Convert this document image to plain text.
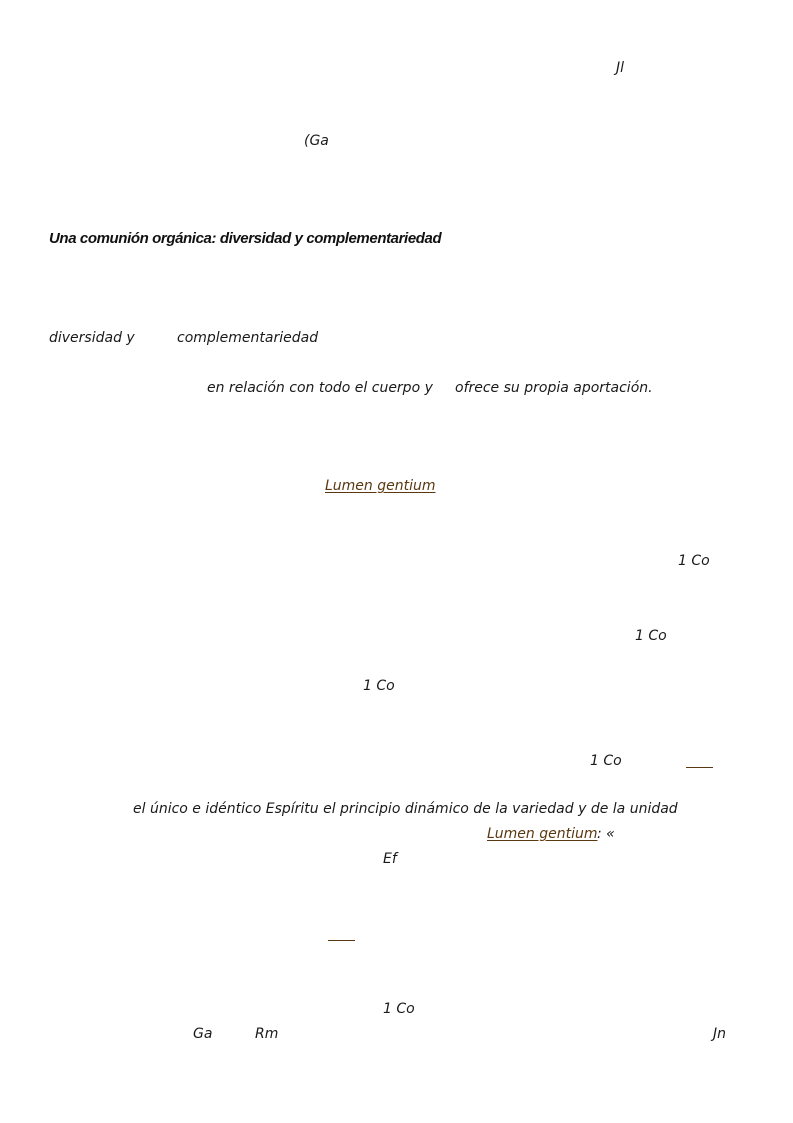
Jl
(Ga
Una comunión orgánica: diversidad y complementariedad
diversidad y	complementariedad
en relación con todo el cuerpo y ofrece su propia aportación.
Lumen gentium
1 Co
1 Co
1 Co
1 Co
el único e idéntico Espíritu el principio dinámico de la variedad y de la unidad
Lumen gentium : «
Ef
1 Co
Ga	Rm	Jn
